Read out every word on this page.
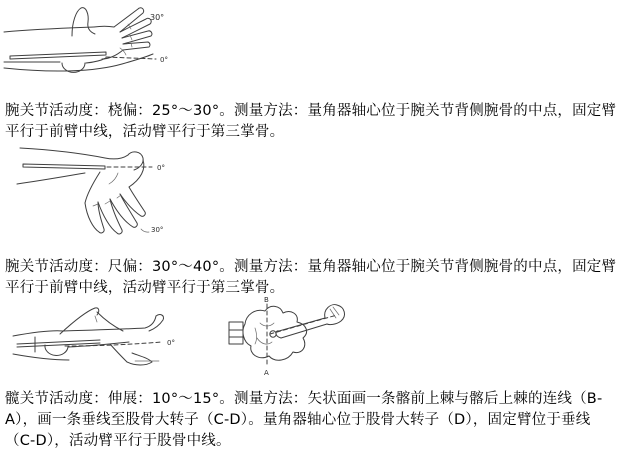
30°
0°

腕关节活动度：桡偏：25°～30°。测量方法：量角器轴心位于腕关节背侧腕骨的中点，固定臂平行于前臂中线，活动臂平行于第三掌骨。

0°
30°

腕关节活动度：尺偏：30°～40°。测量方法：量角器轴心位于腕关节背侧腕骨的中点，固定臂平行于前臂中线，活动臂平行于第三掌骨。

0°
B
A

髋关节活动度：伸展：10°～15°。测量方法：矢状面画一条髂前上棘与髂后上棘的连线（B-A），画一条垂线至股骨大转子（C-D）。量角器轴心位于股骨大转子（D），固定臂位于垂线（C-D），活动臂平行于股骨中线。
